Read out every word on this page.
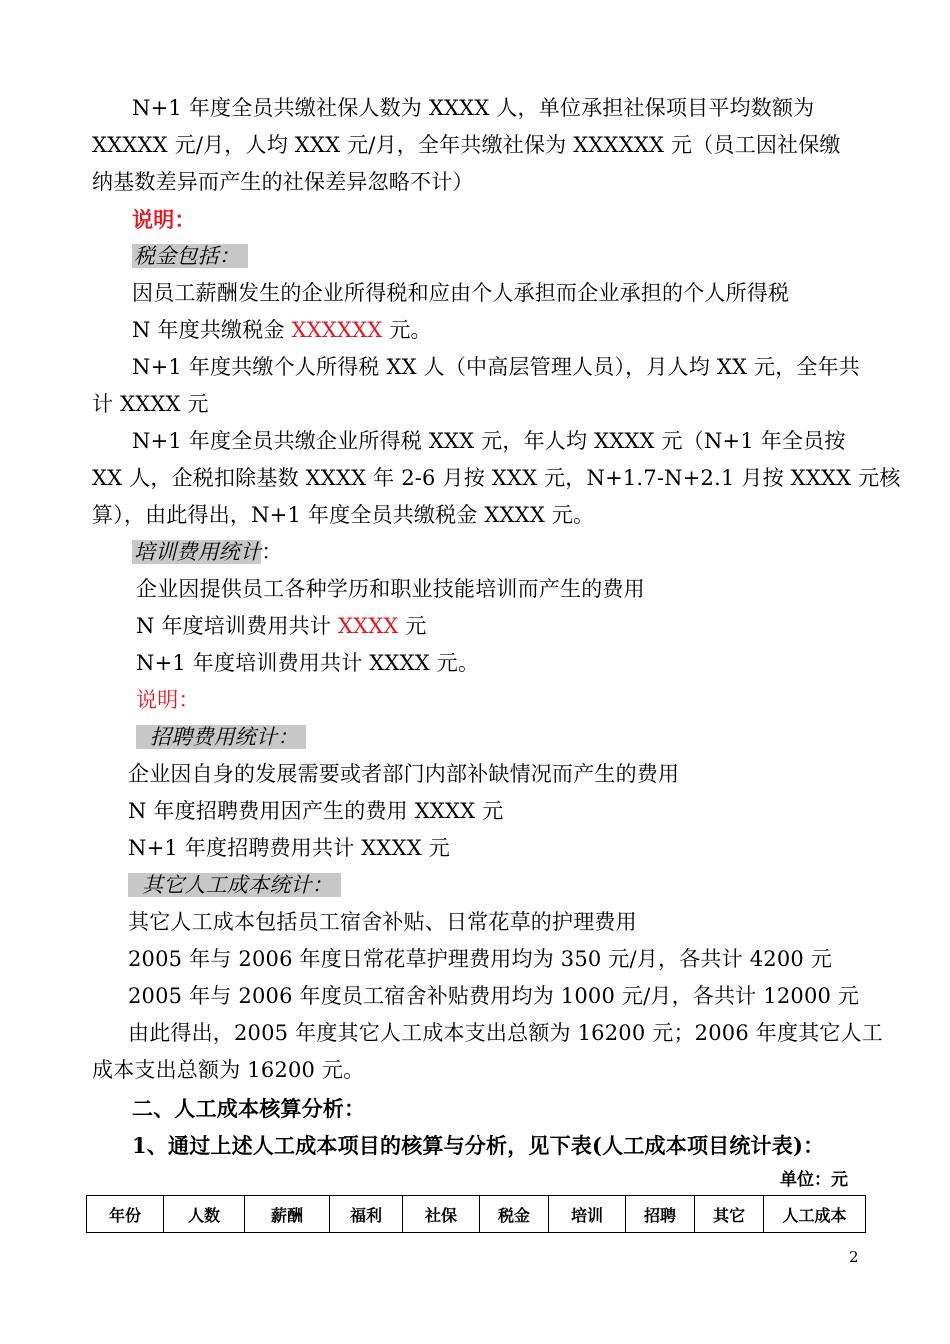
N+1 年度全员共缴社保人数为 XXXX 人，单位承担社保项目平均数额为
XXXXX 元/月，人均 XXX 元/月，全年共缴社保为 XXXXXX 元（员工因社保缴
纳基数差异而产生的社保差异忽略不计）
说明：
税金包括：
因员工薪酬发生的企业所得税和应由个人承担而企业承担的个人所得税
N 年度共缴税金 XXXXXX 元。
N+1 年度共缴个人所得税 XX 人（中高层管理人员），月人均 XX 元，全年共
计 XXXX 元
N+1 年度全员共缴企业所得税 XXX 元，年人均 XXXX 元（N+1 年全员按
XX 人，企税扣除基数 XXXX 年 2-6 月按 XXX 元，N+1.7-N+2.1 月按 XXXX 元核
算），由此得出，N+1 年度全员共缴税金 XXXX 元。
培训费用统计：
企业因提供员工各种学历和职业技能培训而产生的费用
N 年度培训费用共计 XXXX 元
N+1 年度培训费用共计 XXXX 元。
说明：
招聘费用统计：
企业因自身的发展需要或者部门内部补缺情况而产生的费用
N 年度招聘费用因产生的费用 XXXX 元
N+1 年度招聘费用共计 XXXX 元
其它人工成本统计：
其它人工成本包括员工宿舍补贴、日常花草的护理费用
2005 年与 2006 年度日常花草护理费用均为 350 元/月，各共计 4200 元
2005 年与 2006 年度员工宿舍补贴费用均为 1000 元/月，各共计 12000 元
由此得出，2005 年度其它人工成本支出总额为 16200 元；2006 年度其它人工
成本支出总额为 16200 元。
二、人工成本核算分析：
1、通过上述人工成本项目的核算与分析，见下表(人工成本项目统计表)：
单位：元
年份	人数	薪酬	福利	社保	税金	培训	招聘	其它	人工成本
2
